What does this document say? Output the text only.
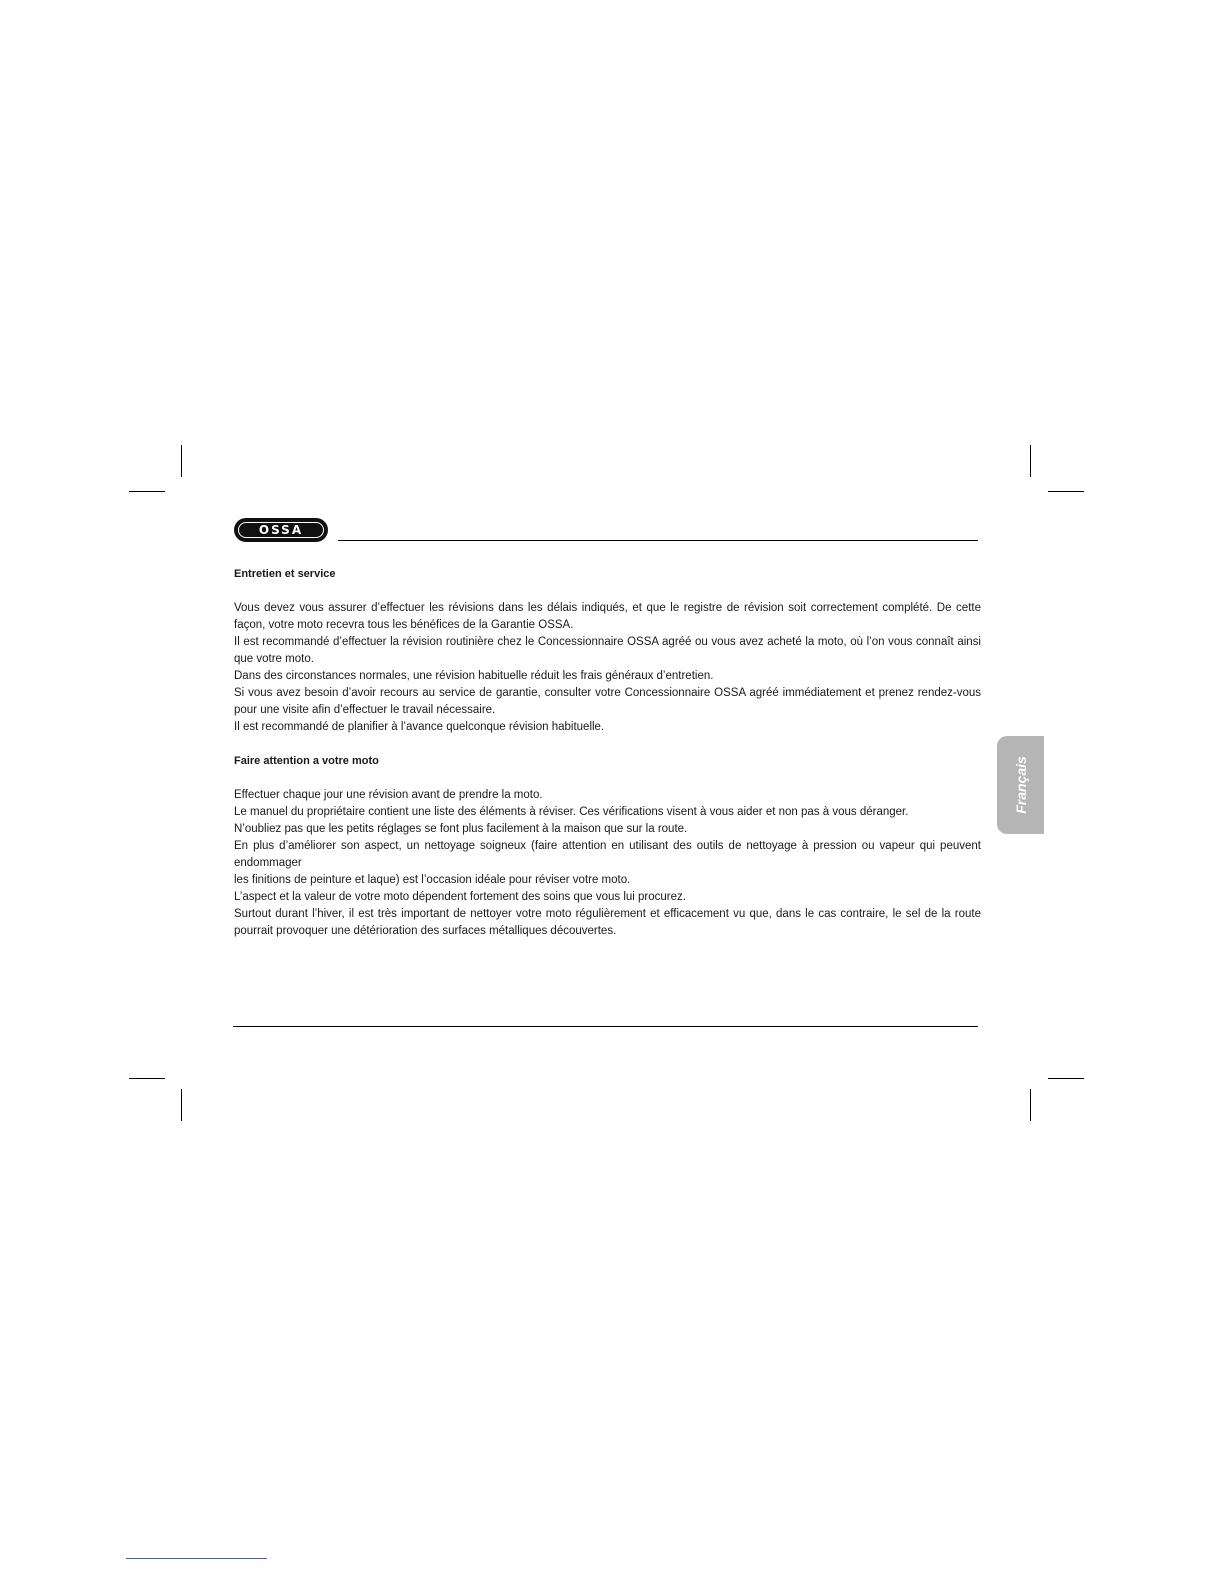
OSSA
Entretien et service

Vous devez vous assurer d’effectuer les révisions dans les délais indiqués, et que le registre de révision soit correctement complété. De cette façon, votre moto recevra tous les bénéfices de la Garantie OSSA.

Il est recommandé d’effectuer la révision routinière chez le Concessionnaire OSSA agréé ou vous avez acheté la moto, où l’on vous connaît ainsi que votre moto.

Dans des circonstances normales, une révision habituelle réduit les frais généraux d’entretien.

Si vous avez besoin d’avoir recours au service de garantie, consulter votre Concessionnaire OSSA agréé immédiatement et prenez rendez-vous pour une visite afin d’effectuer le travail nécessaire.

Il est recommandé de planifier à l’avance quelconque révision habituelle.

Faire attention a votre moto

Effectuer chaque jour une révision avant de prendre la moto.

Le manuel du propriétaire contient une liste des éléments à réviser. Ces vérifications visent à vous aider et non pas à vous déranger.

N’oubliez pas que les petits réglages se font plus facilement à la maison que sur la route.

En plus d’améliorer son aspect, un nettoyage soigneux (faire attention en utilisant des outils de nettoyage à pression ou vapeur qui peuvent endommager

les finitions de peinture et laque) est l’occasion idéale pour réviser votre moto.

L’aspect et la valeur de votre moto dépendent fortement des soins que vous lui procurez.

Surtout durant l’hiver, il est très important de nettoyer votre moto régulièrement et efficacement vu que, dans le cas contraire, le sel de la route pourrait provoquer une détérioration des surfaces métalliques découvertes.

Français
